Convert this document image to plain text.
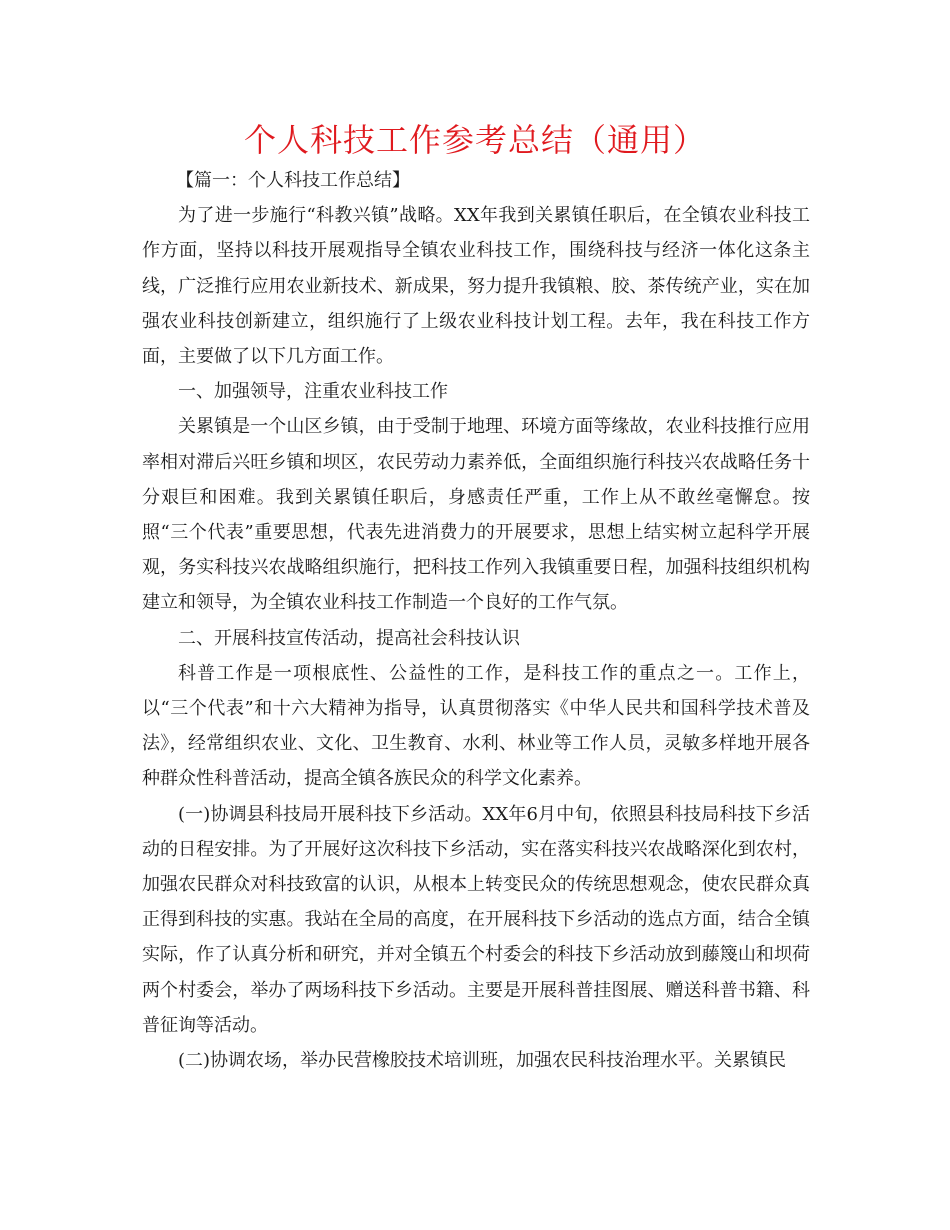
个人科技工作参考总结（通用）

【篇一：个人科技工作总结】

为了进一步施行“科教兴镇”战略。XX年我到关累镇任职后，在全镇农业科技工作方面，坚持以科技开展观指导全镇农业科技工作，围绕科技与经济一体化这条主线，广泛推行应用农业新技术、新成果，努力提升我镇粮、胶、茶传统产业，实在加强农业科技创新建立，组织施行了上级农业科技计划工程。去年，我在科技工作方面，主要做了以下几方面工作。

一、加强领导，注重农业科技工作

关累镇是一个山区乡镇，由于受制于地理、环境方面等缘故，农业科技推行应用率相对滞后兴旺乡镇和坝区，农民劳动力素养低，全面组织施行科技兴农战略任务十分艰巨和困难。我到关累镇任职后，身感责任严重，工作上从不敢丝毫懈怠。按照“三个代表”重要思想，代表先进消费力的开展要求，思想上结实树立起科学开展观，务实科技兴农战略组织施行，把科技工作列入我镇重要日程，加强科技组织机构建立和领导，为全镇农业科技工作制造一个良好的工作气氛。

二、开展科技宣传活动，提高社会科技认识

科普工作是一项根底性、公益性的工作，是科技工作的重点之一。工作上，以“三个代表”和十六大精神为指导，认真贯彻落实《中华人民共和国科学技术普及法》，经常组织农业、文化、卫生教育、水利、林业等工作人员，灵敏多样地开展各种群众性科普活动，提高全镇各族民众的科学文化素养。

(一)协调县科技局开展科技下乡活动。XX年6月中旬，依照县科技局科技下乡活动的日程安排。为了开展好这次科技下乡活动，实在落实科技兴农战略深化到农村，加强农民群众对科技致富的认识，从根本上转变民众的传统思想观念，使农民群众真正得到科技的实惠。我站在全局的高度，在开展科技下乡活动的选点方面，结合全镇实际，作了认真分析和研究，并对全镇五个村委会的科技下乡活动放到藤篾山和坝荷两个村委会，举办了两场科技下乡活动。主要是开展科普挂图展、赠送科普书籍、科普征询等活动。

(二)协调农场，举办民营橡胶技术培训班，加强农民科技治理水平。关累镇民
